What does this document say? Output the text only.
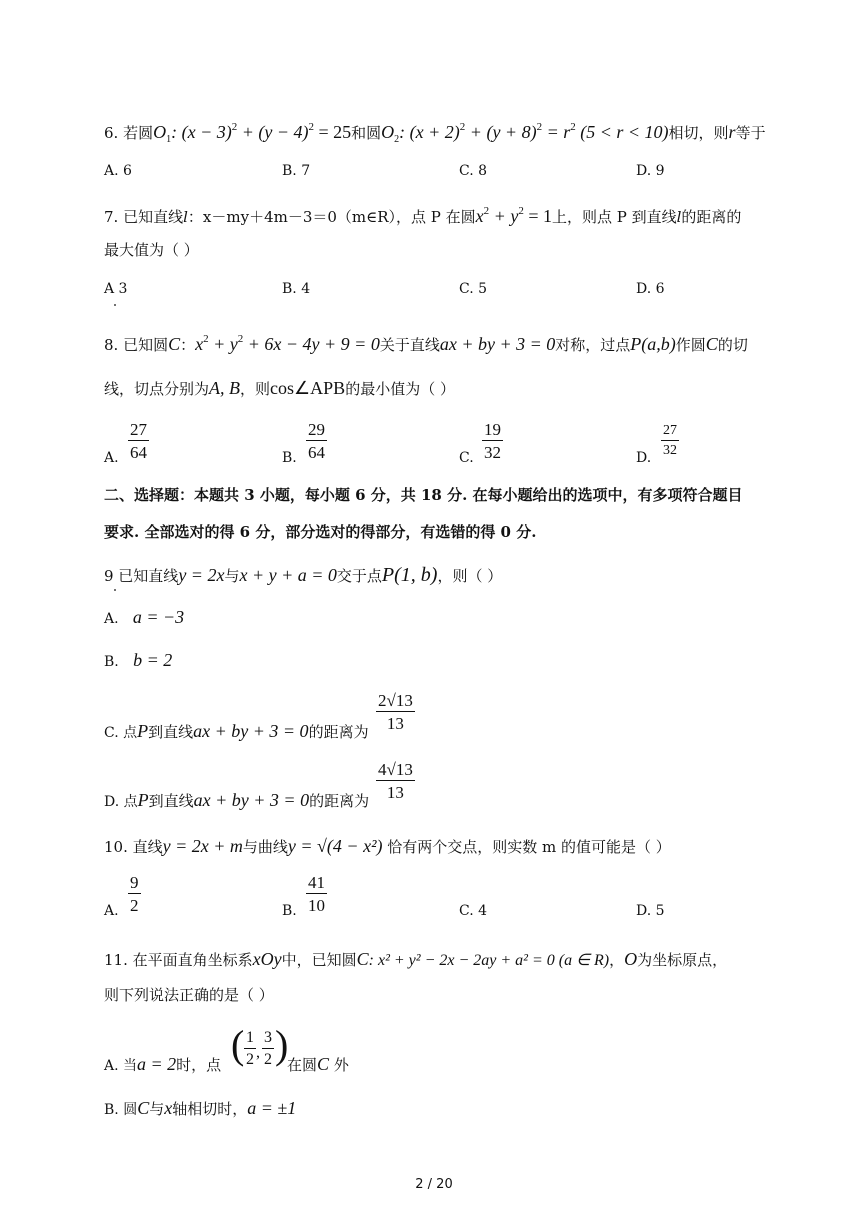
6. 若圆$O_1$: $(x - 3)^2 + (y - 4)^2 = 25$和圆$O_2$: $(x + 2)^2 + (y + 8)^2 = r^2$ (5 < r < 10)相切，则r等于
A. 6	B. 7	C. 8	D. 9
7. 已知直线l：x－my＋4m－3＝0（m∈R），点 P 在圆$x^2 + y^2 = 1$上，则点 P 到直线l的距离的
最大值为（ ）
A 3	B. 4	C. 5	D. 6
8. 已知圆C：$x^2 + y^2 + 6x - 4y + 9 = 0$关于直线ax + by + 3 = 0对称，过点P(a,b)作圆C的切
线，切点分别为A, B，则cos∠APB的最小值为（ ）
A. $\frac{27}{64}$	B. $\frac{29}{64}$	C. $\frac{19}{32}$	D. $\frac{27}{32}$
二、选择题：本题共 3 小题，每小题 6 分，共 18 分. 在每小题给出的选项中，有多项符合题目
要求. 全部选对的得 6 分，部分选对的得部分，有选错的得 0 分.
9 已知直线y = 2x与x + y + a = 0交于点P(1, b)，则（ ）
A. a = −3
B. b = 2
C. 点P到直线ax + by + 3 = 0的距离为 $\frac{2√13}{13}$
D. 点P到直线ax + by + 3 = 0的距离为 $\frac{4√13}{13}$
10. 直线y = 2x + m与曲线y = √(4 − x²) 恰有两个交点，则实数 m 的值可能是（ ）
A. $\frac{9}{2}$	B. $\frac{41}{10}$	C. 4	D. 5
11. 在平面直角坐标系xOy中，已知圆C: x² + y² − 2x − 2ay + a² = 0 (a ∈ R)，O为坐标原点，
则下列说法正确的是（ ）
A. 当a = 2时，点 ( $\frac{1}{2}$ , $\frac{3}{2}$ )
在圆C 外
B. 圆C与x轴相切时，a = ±1
2 / 20
